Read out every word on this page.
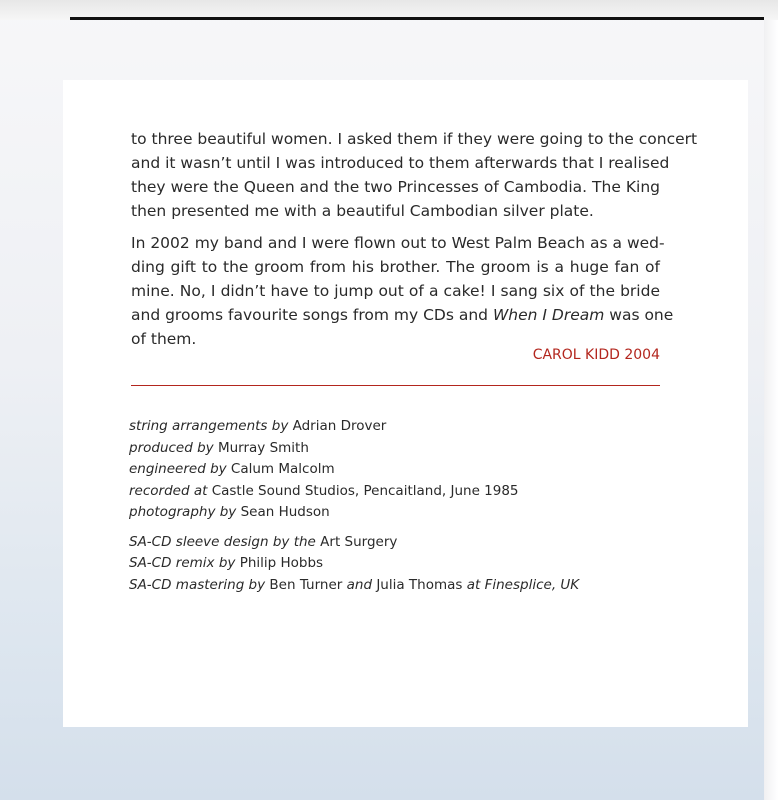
to three beautiful women. I asked them if they were going to the concert
and it wasn’t until I was introduced to them afterwards that I realised
they were the Queen and the two Princesses of Cambodia. The King
then presented me with a beautiful Cambodian silver plate.

In 2002 my band and I were flown out to West Palm Beach as a wed-
ding gift to the groom from his brother. The groom is a huge fan of
mine. No, I didn’t have to jump out of a cake! I sang six of the bride
and grooms favourite songs from my CDs and When I Dream was one
of them.

CAROL KIDD 2004
string arrangements by Adrian Drover
produced by Murray Smith
engineered by Calum Malcolm
recorded at Castle Sound Studios, Pencaitland, June 1985
photography by Sean Hudson
SA-CD sleeve design by the Art Surgery
SA-CD remix by Philip Hobbs
SA-CD mastering by Ben Turner and Julia Thomas at Finesplice, UK
